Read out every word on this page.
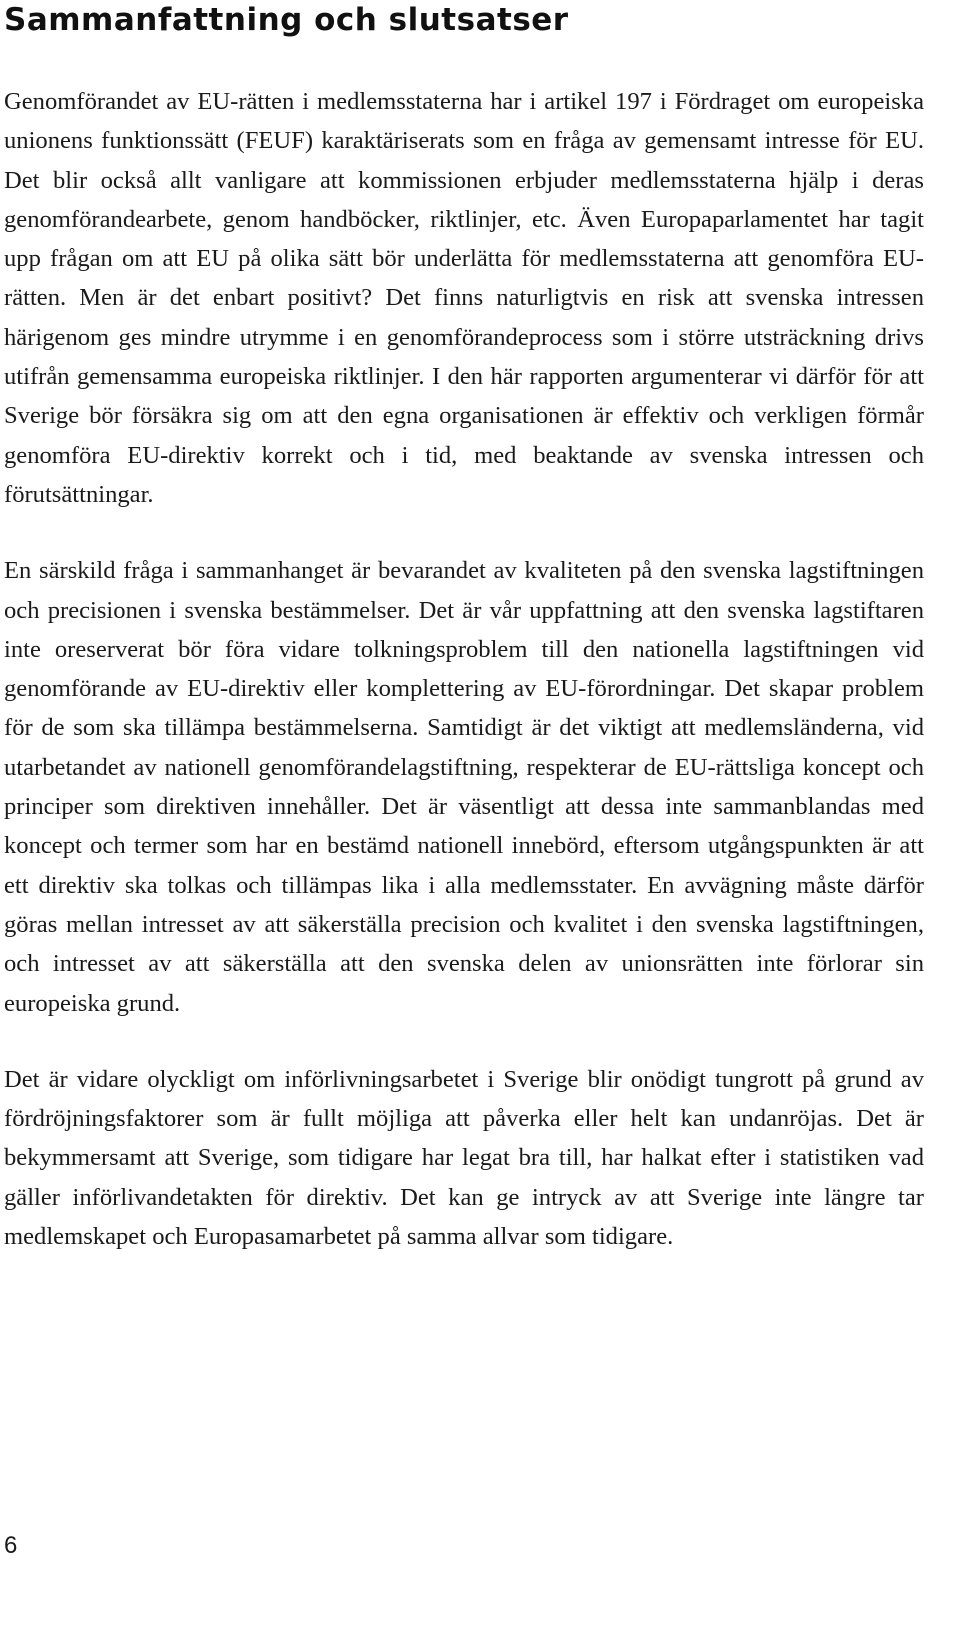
Sammanfattning och slutsatser

Genomförandet av EU-rätten i medlemsstaterna har i artikel 197 i Fördraget om europeiska unionens funktionssätt (FEUF) karaktäriserats som en fråga av gemensamt intresse för EU. Det blir också allt vanligare att kommissionen erbjuder medlemsstaterna hjälp i deras genomförandearbete, genom handböcker, riktlinjer, etc. Även Europaparlamentet har tagit upp frågan om att EU på olika sätt bör underlätta för medlemsstaterna att genomföra EU-rätten. Men är det enbart positivt? Det finns naturligtvis en risk att svenska intressen härigenom ges mindre utrymme i en genomförandeprocess som i större utsträckning drivs utifrån gemensamma europeiska riktlinjer. I den här rapporten argumenterar vi därför för att Sverige bör försäkra sig om att den egna organisationen är effektiv och verkligen förmår genomföra EU-direktiv korrekt och i tid, med beaktande av svenska intressen och förutsättningar.

En särskild fråga i sammanhanget är bevarandet av kvaliteten på den svenska lagstiftningen och precisionen i svenska bestämmelser. Det är vår uppfattning att den svenska lagstiftaren inte oreserverat bör föra vidare tolkningsproblem till den nationella lagstiftningen vid genomförande av EU-direktiv eller komplettering av EU-förordningar. Det skapar problem för de som ska tillämpa bestämmelserna. Samtidigt är det viktigt att medlemsländerna, vid utarbetandet av nationell genomförandelagstiftning, respekterar de EU-rättsliga koncept och principer som direktiven innehåller. Det är väsentligt att dessa inte sammanblandas med koncept och termer som har en bestämd nationell innebörd, eftersom utgångspunkten är att ett direktiv ska tolkas och tillämpas lika i alla medlemsstater. En avvägning måste därför göras mellan intresset av att säkerställa precision och kvalitet i den svenska lagstiftningen, och intresset av att säkerställa att den svenska delen av unionsrätten inte förlorar sin europeiska grund.

Det är vidare olyckligt om införlivningsarbetet i Sverige blir onödigt tungrott på grund av fördröjningsfaktorer som är fullt möjliga att påverka eller helt kan undanröjas. Det är bekymmersamt att Sverige, som tidigare har legat bra till, har halkat efter i statistiken vad gäller införlivandetakten för direktiv. Det kan ge intryck av att Sverige inte längre tar medlemskapet och Europasamarbetet på samma allvar som tidigare.

6
